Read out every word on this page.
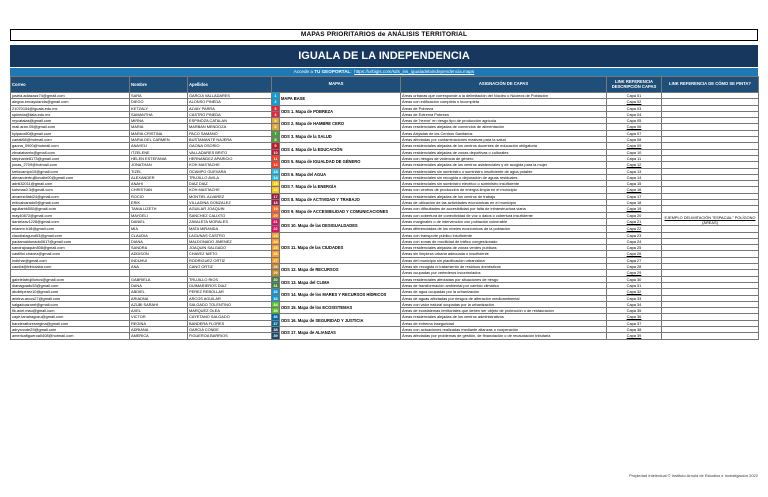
MAPAS PRIORITARIOS de ANÁLISIS TERRITORIAL
IGUALA DE LA INDEPENDENCIA
Accede a TU GEOPORTAL:  https://urbigis.com/sds_ins_igualadelaindependencia.maps
Correo	Nombre	Apellidos	MAPAS		ASIGNACIÓN DE CAPAS	LINK REFERENCIA DESCRIPCIÓN CAPAS	LINK REFERENCIA DE CÓMO SE PINTA?
josela.adiazazz74@gmail.com	SARA	GARCIA VALLADARES	1	MAPA BASE	Áreas urbanas que corresponde a la delimitación del Núcleo o Núcleos de Población	Capa 01	
alegoa.encayolanda@gmail.com	DIEGO	ALONSO PINEDA	2		Áreas con edificación completa o incompleta	Capa 02	
21070104@iguala.edu.mx	KETZALY	ALVAY PARRA	3	ODS 1. Mapa de POBREZA	Áreas de Pobreza	Capa 03	
spineda@iiala.edu.mx	SAMANTHA	CASTRO PINEDA	4		Áreas de Extrema Pobreza	Capa 04	
mycatalas@gmail.com	MIRNA	ESPINOZA CATALAN	5	ODS 2. Mapa de HAMBRE CERO	Áreas de 'hervor' en riesgo tipo de producción agrícola	Capa 05	
mali.aran.05@gmail.com	MARIA	MARBAN MENDOZA	6		Áreas residenciales alejadas de comercios de alimentación	Capa 06	
kylpaco80@gmail.com	MARIA CRISTINA	PACO SAMANO	7	ODS 3. Mapa de la SALUD	Áreas Alejadas de los Centros Sanitarios	Capa 07	
carlati68@hotmail.com	MARIA DEL CARMEN	BUSTAMANTE NAJERA	8		Áreas afectadas por contaminaciones masivas para la salud	Capa 08	
gaona_0900@hotmail.com	ANAYELI	GAONA OSORIO	9	ODS 4. Mapa de la EDUCACIÓN	Áreas residenciales alejadas de los centros docentes de educación obligatoria	Capa 09	
zbvalabarrio@gmail.com	ITZELENE	VALLADARES BRITO	10		Áreas residenciales alejadas de zonas deportivas o culturales	Capa 10	
stephanie8173@gmail.com	HELEN ESTEFANIA	HERNANDEZ APARICIO	11	ODS 5. Mapa de IGUALDAD DE GÉNERO	Áreas con riesgos de violencia de género	Capa 11	
jonas_2709@hotmail.com	JONATHAN	KOH MASTACHE	12		Áreas residenciales alejadas de los centros asistenciales y de acogida para la mujer	Capa 12	
tzelocampo10@gmail.com	TIZEL	OCAMPO GUEVARA	13	ODS 6. Mapa del AGUA	Áreas residenciales sin suministro o suministro insuficiente de agua potable	Capa 13	
alexandertrujillovalle00@gmail.com	ALEXANDER	TRUJILLO AVILA	14		Áreas residenciales sin recogida o depuración de aguas residuales	Capa 14	
adriii32011@gmail.com	ANAHI	DIAZ DIAZ	15	ODS 7. Mapa de la ENERGÍA	Áreas residenciales sin suministro eléctrico o suministro insuficiente	Capa 15	
kohmas0.3@gmail.com	CHRISTIAN	KOH MASTACHE	16		Áreas con centros de producción de energía limpia en el municipio	Capa 16	
alvarezdiabl24@gmail.com	ROCIO	MONTIEL ALVAREZ	17	ODS 8. Mapa de ACTIVIDAD Y TRABAJO	Áreas residenciales alejadas de los centros de trabajo	Capa 17	
erikvalvarado0@gmail.com	ERIK	VILLADINA GONZALEZ	18		Áreas de ubicación de las actividades económicas en el municipio	Capa 18	
aguilarbk500@gmail.com	TANIA LIZETH	AGUILAR JOAQUIN	19	ODS 9. Mapa de ACCESIBILIDAD Y COMUNICACIONES	Áreas con dificultades de accesibilidad por falta de infraestructura viaria	Capa 19	
may40872@gmail.com	MAYDELI	SANCHEZ CALIXTO	20		Áreas con cobertura de conectividad de voz o datos o cobertura insuficiente	Capa 20	EJEMPLO DELIMITACIÓN "ESPACIAL" POLÍGONO (ÁREAS)
danielzav1228@gmail.com	DANIEL	ZAVALETA MORALES	21	ODS 10. Mapa de las DESIGUALDADES	Áreas marginales o de intervención con población vulnerable	Capa 21	
mianmr.h18@gmail.com	MIA	MATA MIRANDA	22		Áreas diferenciadas de los niveles económicos de la población	Capa 22	
claudialaguna53@gmail.com	CLAUDIA	LAGUNAS CASTRO	23	ODS 11. Mapa de las CIUDADES	Áreas con transporte público insuficiente	Capa 23	
paolamaldonado0617@gmail.com	DIANA	MALDONADO JIMENEZ	24		Áreas con zonas de movilidad de tráfico congestionado	Capa 24	
sandrajoaquin808@gmail.com	SANDRA	JOAQUIN SALGADO	25		Áreas residenciales alejadas de zonas verdes públicas	Capa 25	
castilloi.chavez@gmail.com	ADDISON	CHAVEZ NIETO	26		Áreas sin limpieza urbana adecuada o insuficiente	Capa 26	
indirhar@gmail.com	INDUHUI	RODRIGUEZ ORTIZ	27		Áreas del municipio sin planificación urbanística	Capa 27	
camila@tribiolaba.com	ANA	CANO ORTIZ	28	ODS 12. Mapa de RECURSOS	Áreas sin recogida ni tratamiento de residuos domésticos	Capa 28	
			29		Áreas ocupadas por vertederos incontrolados	Capa 29	
gabrielatrujillorios@gmail.com	GABRIELA	TRUJILLO RIOS	30	ODS 13. Mapa del CLIMA	Áreas residenciales afectadas por situaciones de riesgo	Capa 30	
dianaguadu53@gmail.com	DANA	GUIMARIEROS DIAZ	31		Áreas de transformación ambiental por cambio climático	Capa 31	
abdielperez10@gmail.com	ABDIEL	PEREZ REBOLLAR	32	ODS 14. Mapa de los MARES Y RECURSOS HÍDRICOS	Áreas de agua ocupadas por la urbanización	Capa 32	
arielna.arcos27@gmail.com	ARIADNA	ARCOS AGUILAR	33		Áreas de aguas afectadas por riesgos de alteración medioambiental	Capa 33	
salgadoazurel@gmail.com	AZUBI SARAHI	SALGADO TOLENTINO	34	ODS 15. Mapa de los ECOSISTEMAS	Áreas con valor natural ocupadas por la urbanización	Capa 34	
tlk.axel.mau@gmail.com	AXEL	MARQUEZ OLEA	35		Áreas de ecosistemas territoriales que deben ser objeto de protección o de restauración	Capa 35	
caye.tanahagozu@gmail.com	VICTOR	CAYETANO SALGADO	36	ODS 16. Mapa de SEGURIDAD Y JUSTICIA	Áreas residenciales alejadas de los centros administrativos	Capa 36	
banderafloresregina@gmail.com	REGINA	BANDERA FLORES	37		Áreas de extrema inseguridad	Capa 37	
adryconde29@gmail.com	ADRIANA	GARCIA CONDE	38	ODS 17. Mapa de ALIANZAS	Áreas con actuaciones realizadas mediante alianzas o cooperación	Capa 38	
americafigueroa0408@hotmail.com	AMERICA	FIGUEROA BARRIOS	39		Áreas afectadas por problemas de gestión, de financiación o de recaudación tributaria	Capa 39	
Propiedad Intelectual © Instituto Arnold de Estudios e Investigación 2022
